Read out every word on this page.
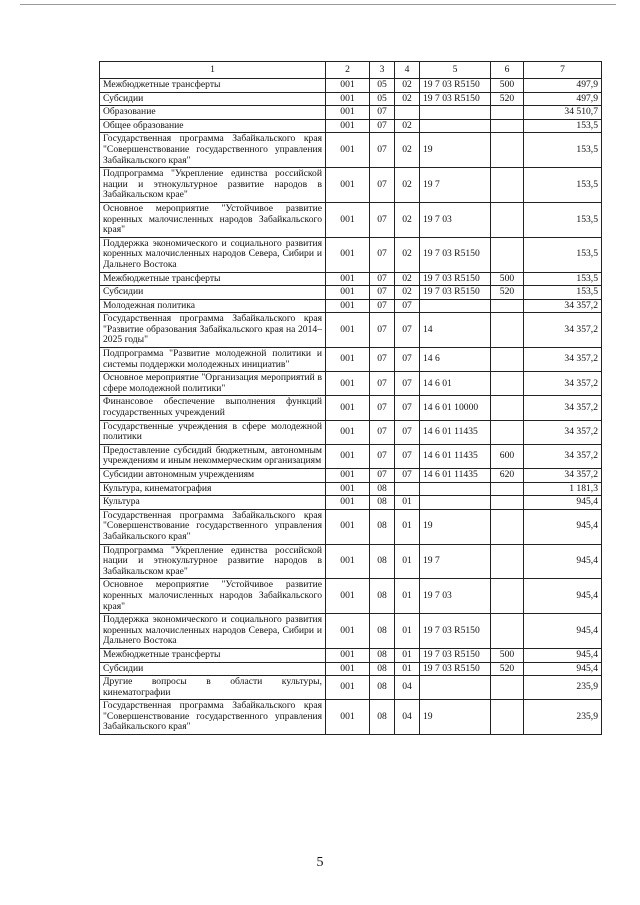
1	2	3	4	5	6	7
Межбюджетные трансферты	001	05	02	19 7 03 R5150	500	497,9
Субсидии	001	05	02	19 7 03 R5150	520	497,9
Образование	001	07				34 510,7
Общее образование	001	07	02			153,5
Государственная программа Забайкальского края "Совершенствование государственного управления Забайкальского края"	001	07	02	19		153,5
Подпрограмма "Укрепление единства российской нации и этнокультурное развитие народов в Забайкальском крае"	001	07	02	19 7		153,5
Основное мероприятие "Устойчивое развитие коренных малочисленных народов Забайкальского края"	001	07	02	19 7 03		153,5
Поддержка экономического и социального развития коренных малочисленных народов Севера, Сибири и Дальнего Востока	001	07	02	19 7 03 R5150		153,5
Межбюджетные трансферты	001	07	02	19 7 03 R5150	500	153,5
Субсидии	001	07	02	19 7 03 R5150	520	153,5
Молодежная политика	001	07	07			34 357,2
Государственная программа Забайкальского края "Развитие образования Забайкальского края на 2014–2025 годы"	001	07	07	14		34 357,2
Подпрограмма "Развитие молодежной политики и системы поддержки молодежных инициатив"	001	07	07	14 6		34 357,2
Основное мероприятие "Организация мероприятий в сфере молодежной политики"	001	07	07	14 6 01		34 357,2
Финансовое обеспечение выполнения функций государственных учреждений	001	07	07	14 6 01 10000		34 357,2
Государственные учреждения в сфере молодежной политики	001	07	07	14 6 01 11435		34 357,2
Предоставление субсидий бюджетным, автономным учреждениям и иным некоммерческим организациям	001	07	07	14 6 01 11435	600	34 357,2
Субсидии автономным учреждениям	001	07	07	14 6 01 11435	620	34 357,2
Культура, кинематография	001	08				1 181,3
Культура	001	08	01			945,4
Государственная программа Забайкальского края "Совершенствование государственного управления Забайкальского края"	001	08	01	19		945,4
Подпрограмма "Укрепление единства российской нации и этнокультурное развитие народов в Забайкальском крае"	001	08	01	19 7		945,4
Основное мероприятие "Устойчивое развитие коренных малочисленных народов Забайкальского края"	001	08	01	19 7 03		945,4
Поддержка экономического и социального развития коренных малочисленных народов Севера, Сибири и Дальнего Востока	001	08	01	19 7 03 R5150		945,4
Межбюджетные трансферты	001	08	01	19 7 03 R5150	500	945,4
Субсидии	001	08	01	19 7 03 R5150	520	945,4
Другие вопросы в области культуры, кинематографии	001	08	04			235,9
Государственная программа Забайкальского края "Совершенствование государственного управления Забайкальского края"	001	08	04	19		235,9
5
